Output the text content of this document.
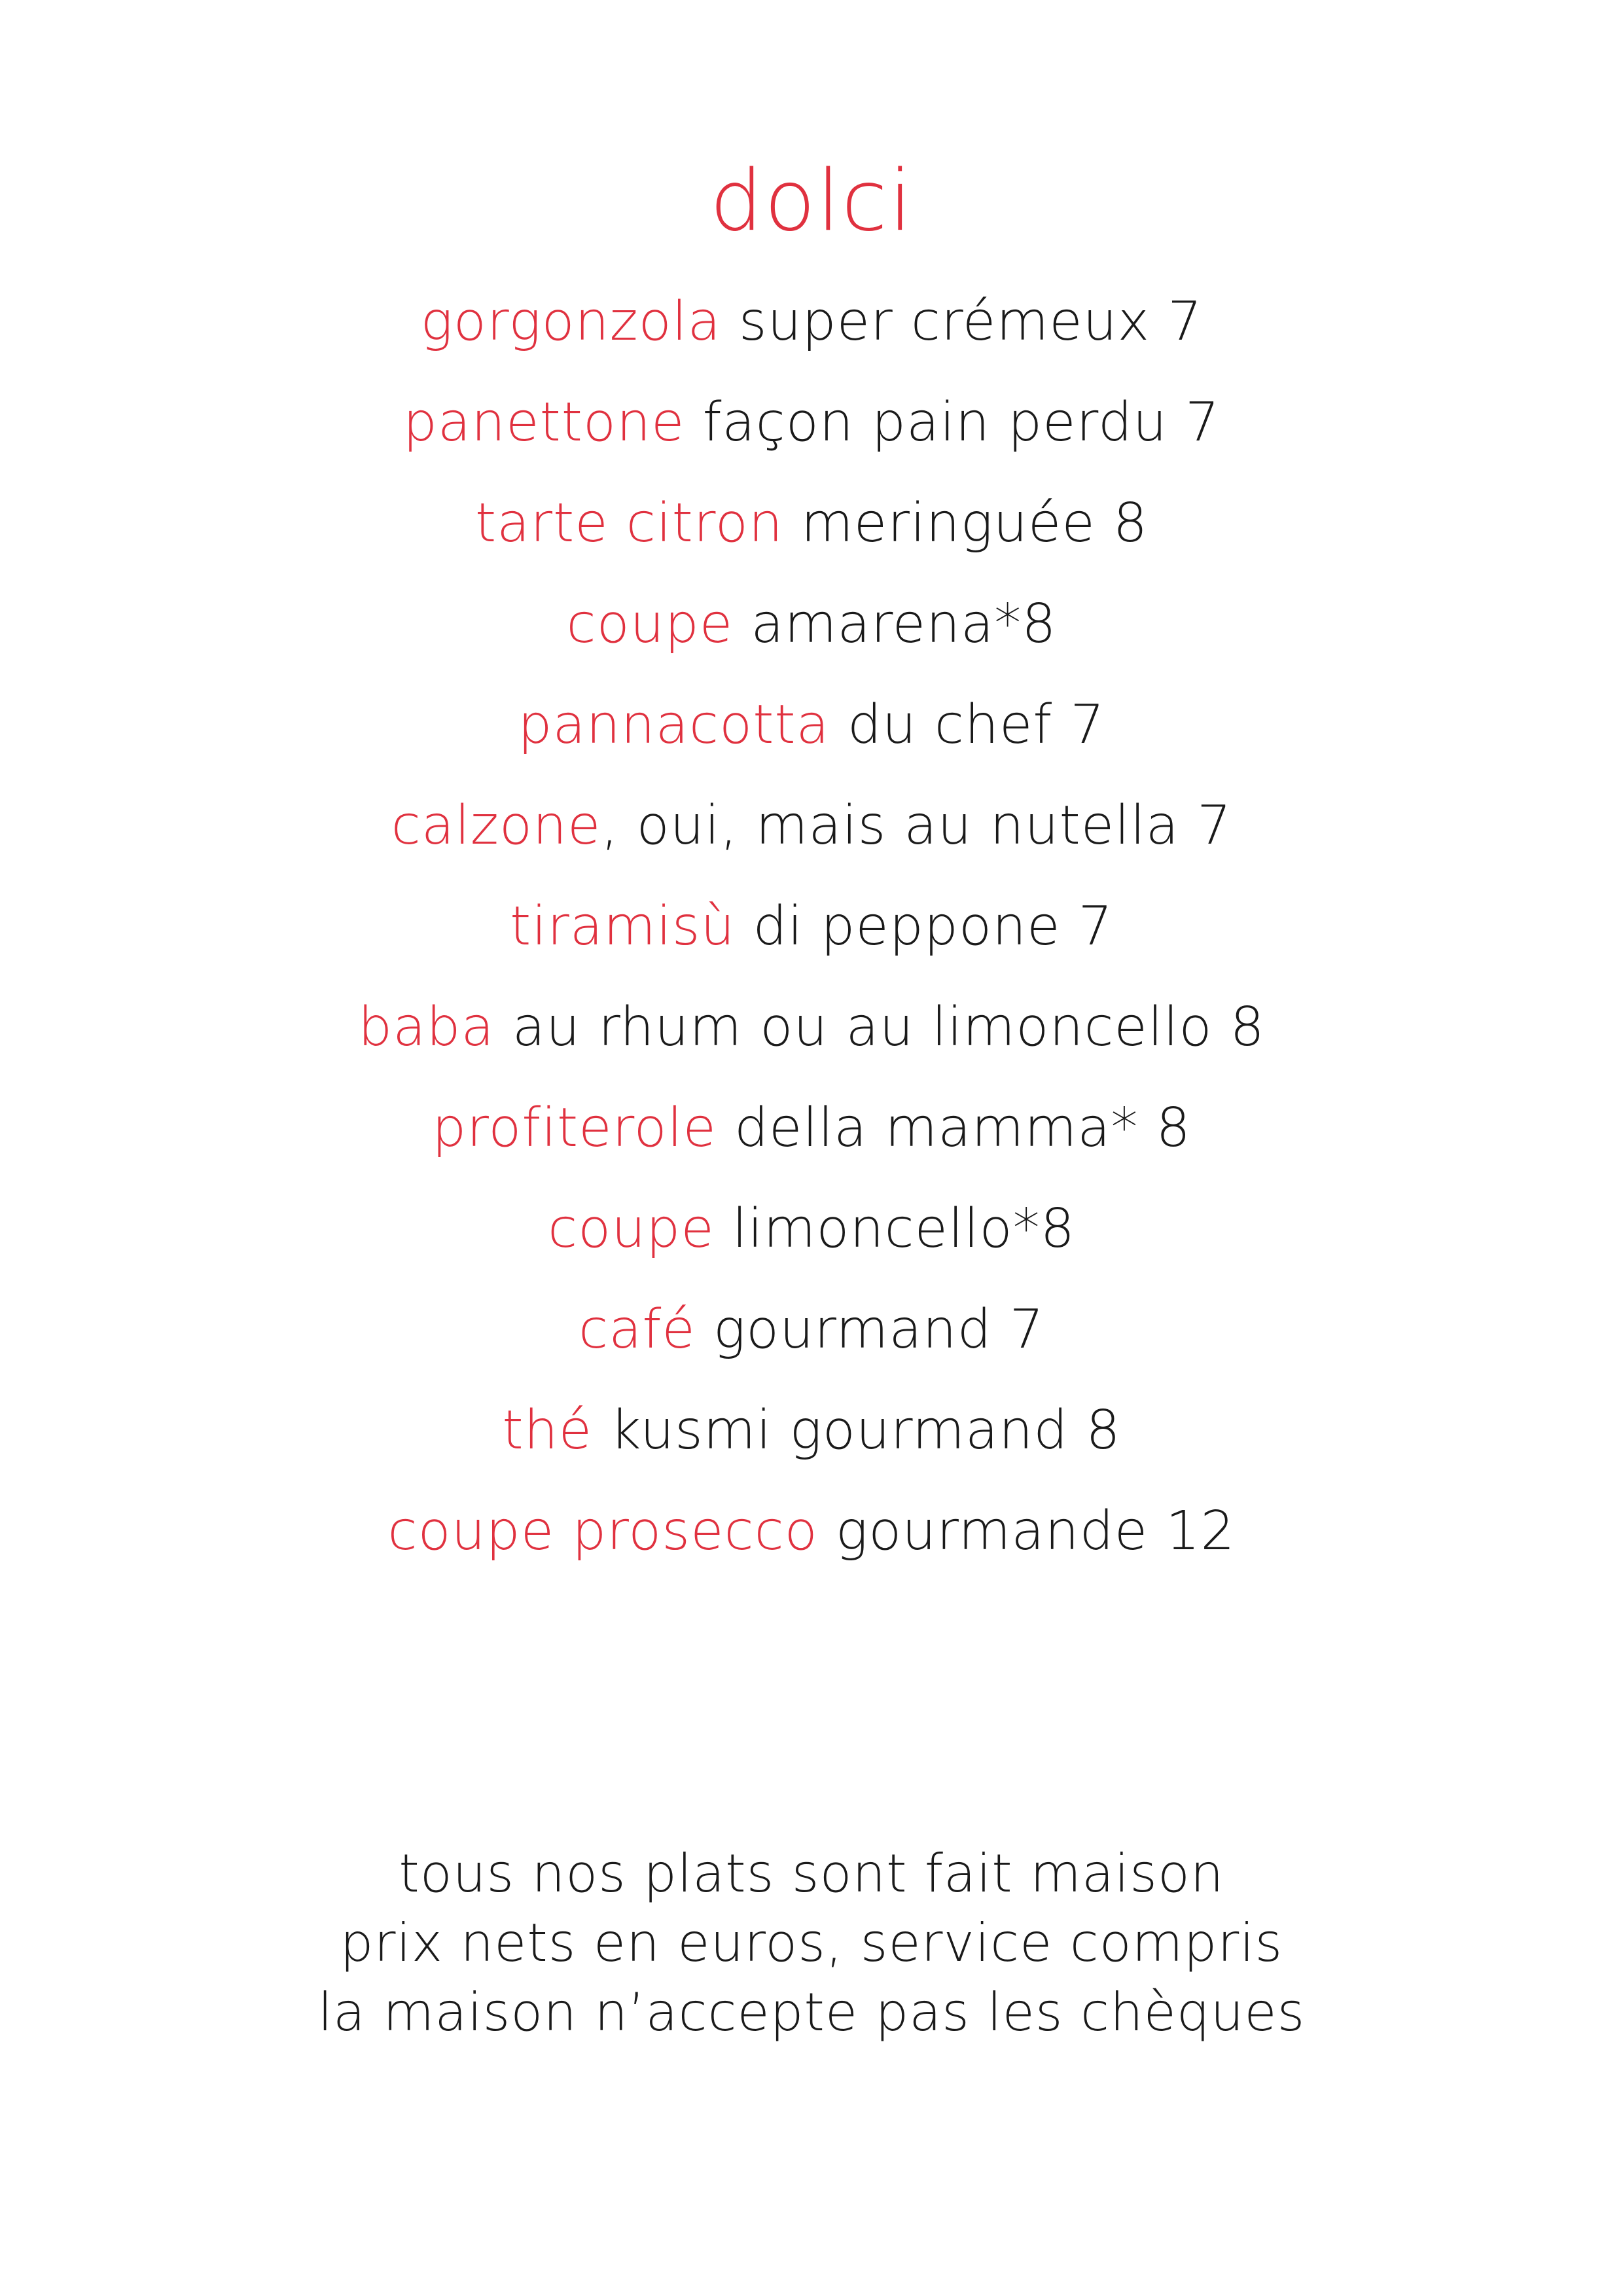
dolci
gorgonzola super crémeux 7
panettone façon pain perdu 7
tarte citron meringuée 8
coupe amarena*8
pannacotta du chef 7
calzone, oui, mais au nutella 7
tiramisù di peppone 7
baba au rhum ou au limoncello 8
profiterole della mamma* 8
coupe limoncello*8
café gourmand 7
thé kusmi gourmand 8
coupe prosecco gourmande 12
tous nos plats sont fait maison
prix nets en euros, service compris
la maison n’accepte pas les chèques
